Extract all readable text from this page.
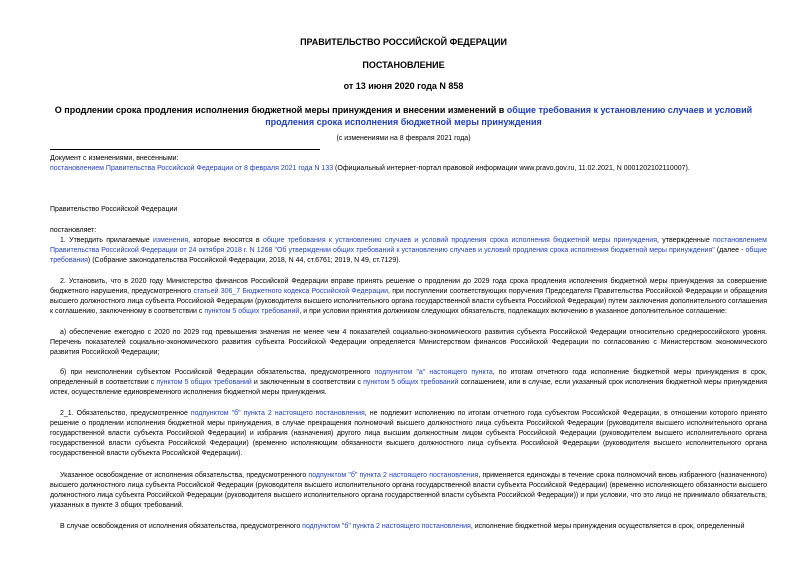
ПРАВИТЕЛЬСТВО РОССИЙСКОЙ ФЕДЕРАЦИИ
ПОСТАНОВЛЕНИЕ
от 13 июня 2020 года N 858
О продлении срока продления исполнения бюджетной меры принуждения и внесении изменений в общие требования к установлению случаев и условий продления срока исполнения бюджетной меры принуждения
(с изменениями на 8 февраля 2021 года)
Документ с изменениями, внесенными:
постановлением Правительства Российской Федерации от 8 февраля 2021 года N 133 (Официальный интернет-портал правовой информации www.pravo.gov.ru, 11.02.2021, N 0001202102110007).
Правительство Российской Федерации
постановляет:
1. Утвердить прилагаемые изменения, которые вносятся в общие требования к установлению случаев и условий продления срока исполнения бюджетной меры принуждения, утвержденные постановлением Правительства Российской Федерации от 24 октября 2018 г. N 1268 "Об утверждении общих требований к установлению случаев и условий продления срока исполнения бюджетной меры принуждения" (далее - общие требования) (Собрание законодательства Российской Федерации, 2018, N 44, ст.6761; 2019, N 49, ст.7129).
2. Установить, что в 2020 году Министерство финансов Российской Федерации вправе принять решение о продлении до 2029 года срока продления исполнения бюджетной меры принуждения за совершение бюджетного нарушения, предусмотренного статьей 306_7 Бюджетного кодекса Российской Федерации, при поступлении соответствующих поручения Председателя Правительства Российской Федерации и обращения высшего должностного лица субъекта Российской Федерации (руководителя высшего исполнительного органа государственной власти субъекта Российской Федерации) путем заключения дополнительного соглашения к соглашению, заключенному в соответствии с пунктом 5 общих требований, и при условии принятия должником следующих обязательств, подлежащих включению в указанное дополнительное соглашение:
а) обеспечение ежегодно с 2020 по 2029 год превышения значения не менее чем 4 показателей социально-экономического развития субъекта Российской Федерации относительно среднероссийского уровня. Перечень показателей социально-экономического развития субъекта Российской Федерации определяется Министерством финансов Российской Федерации по согласованию с Министерством экономического развития Российской Федерации;
б) при неисполнении субъектом Российской Федерации обязательства, предусмотренного подпунктом "а" настоящего пункта, по итогам отчетного года исполнение бюджетной меры принуждения в срок, определенный в соответствии с пунктом 5 общих требований и заключенным в соответствии с пунктом 5 общих требований соглашением, или в случае, если указанный срок исполнения бюджетной меры принуждения истек, осуществление единовременного исполнения бюджетной меры принуждения.
2_1. Обязательство, предусмотренное подпунктом "б" пункта 2 настоящего постановления, не подлежит исполнению по итогам отчетного года субъектом Российской Федерации, в отношении которого принято решение о продлении исполнения бюджетной меры принуждения, в случае прекращения полномочий высшего должностного лица субъекта Российской Федерации (руководителя высшего исполнительного органа государственной власти субъекта Российской Федерации) и избрания (назначения) другого лица высшим должностным лицом субъекта Российской Федерации (руководителем высшего исполнительного органа государственной власти субъекта Российской Федерации) (временно исполняющим обязанности высшего должностного лица субъекта Российской Федерации (руководителя высшего исполнительного органа государственной власти субъекта Российской Федерации).
Указанное освобождение от исполнения обязательства, предусмотренного подпунктом "б" пункта 2 настоящего постановления, применяется единожды в течение срока полномочий вновь избранного (назначенного) высшего должностного лица субъекта Российской Федерации (руководителя высшего исполнительного органа государственной власти субъекта Российской Федерации) (временно исполняющего обязанности высшего должностного лица субъекта Российской Федерации (руководителя высшего исполнительного органа государственной власти субъекта Российской Федерации)) и при условии, что это лицо не принимало обязательств, указанных в пункте 3 общих требований.
В случае освобождения от исполнения обязательства, предусмотренного подпунктом "б" пункта 2 настоящего постановления, исполнение бюджетной меры принуждения осуществляется в срок, определенный
